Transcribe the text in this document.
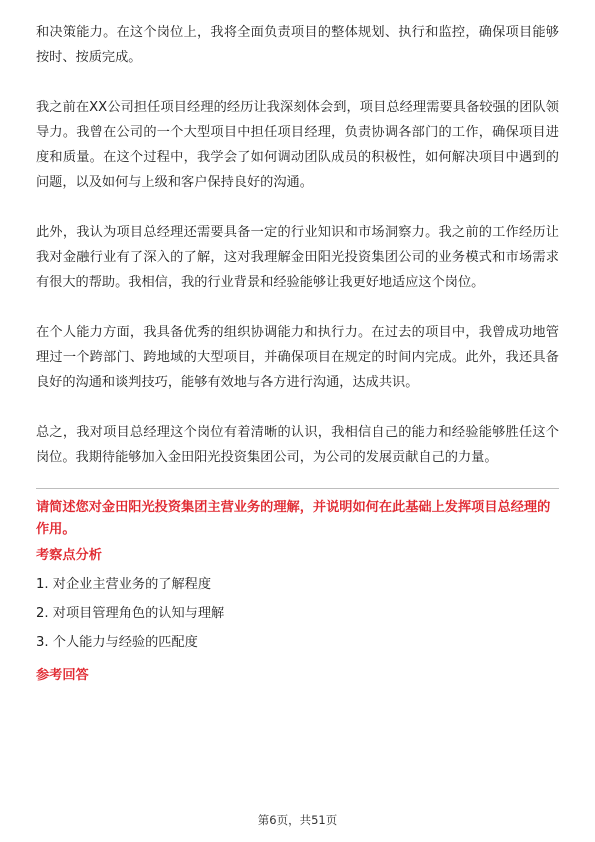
和决策能力。在这个岗位上，我将全面负责项目的整体规划、执行和监控，确保项目能够按时、按质完成。

我之前在XX公司担任项目经理的经历让我深刻体会到，项目总经理需要具备较强的团队领导力。我曾在公司的一个大型项目中担任项目经理，负责协调各部门的工作，确保项目进度和质量。在这个过程中，我学会了如何调动团队成员的积极性，如何解决项目中遇到的问题，以及如何与上级和客户保持良好的沟通。

此外，我认为项目总经理还需要具备一定的行业知识和市场洞察力。我之前的工作经历让我对金融行业有了深入的了解，这对我理解金田阳光投资集团公司的业务模式和市场需求有很大的帮助。我相信，我的行业背景和经验能够让我更好地适应这个岗位。

在个人能力方面，我具备优秀的组织协调能力和执行力。在过去的项目中，我曾成功地管理过一个跨部门、跨地域的大型项目，并确保项目在规定的时间内完成。此外，我还具备良好的沟通和谈判技巧，能够有效地与各方进行沟通，达成共识。

总之，我对项目总经理这个岗位有着清晰的认识，我相信自己的能力和经验能够胜任这个岗位。我期待能够加入金田阳光投资集团公司，为公司的发展贡献自己的力量。

请简述您对金田阳光投资集团主营业务的理解，并说明如何在此基础上发挥项目总经理的作用。

考察点分析
1. 对企业主营业务的了解程度
2. 对项目管理角色的认知与理解
3. 个人能力与经验的匹配度
参考回答
第6页，共51页
